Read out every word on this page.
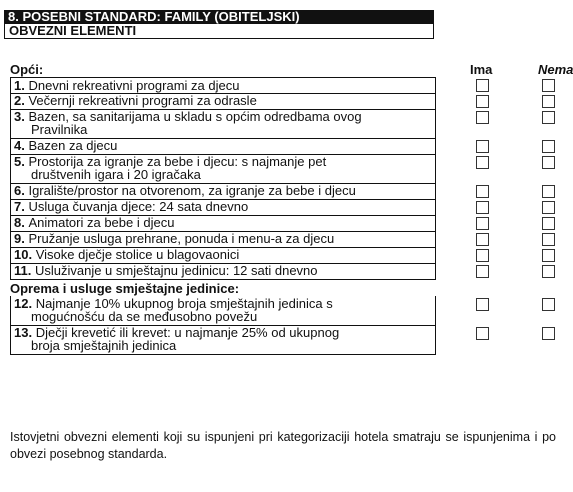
8. POSEBNI STANDARD: FAMILY (OBITELJSKI)
OBVEZNI ELEMENTI
Ima	Nema
Istovjetni obvezni elementi koji su ispunjeni pri kategorizaciji hotela smatraju se ispunjenima i po obvezi posebnog standarda.
Opći:
1. Dnevni rekreativni programi za djecu
2. Večernji rekreativni programi za odrasle
3. Bazen, sa sanitarijama u skladu s općim odredbama ovog
Pravilnika
4. Bazen za djecu
5. Prostorija za igranje za bebe i djecu: s najmanje pet
društvenih igara i 20 igračaka
6. Igralište/prostor na otvorenom, za igranje za bebe i djecu
7. Usluga čuvanja djece: 24 sata dnevno
8. Animatori za bebe i djecu
9. Pružanje usluga prehrane, ponuda i menu-a za djecu
10. Visoke dječje stolice u blagovaonici
11. Usluživanje u smještajnu jedinicu: 12 sati dnevno
Oprema i usluge smještajne jedinice:
12. Najmanje 10% ukupnog broja smještajnih jedinica s
mogućnošću da se međusobno povežu
13. Dječji krevetić ili krevet: u najmanje 25% od ukupnog
broja smještajnih jedinica
